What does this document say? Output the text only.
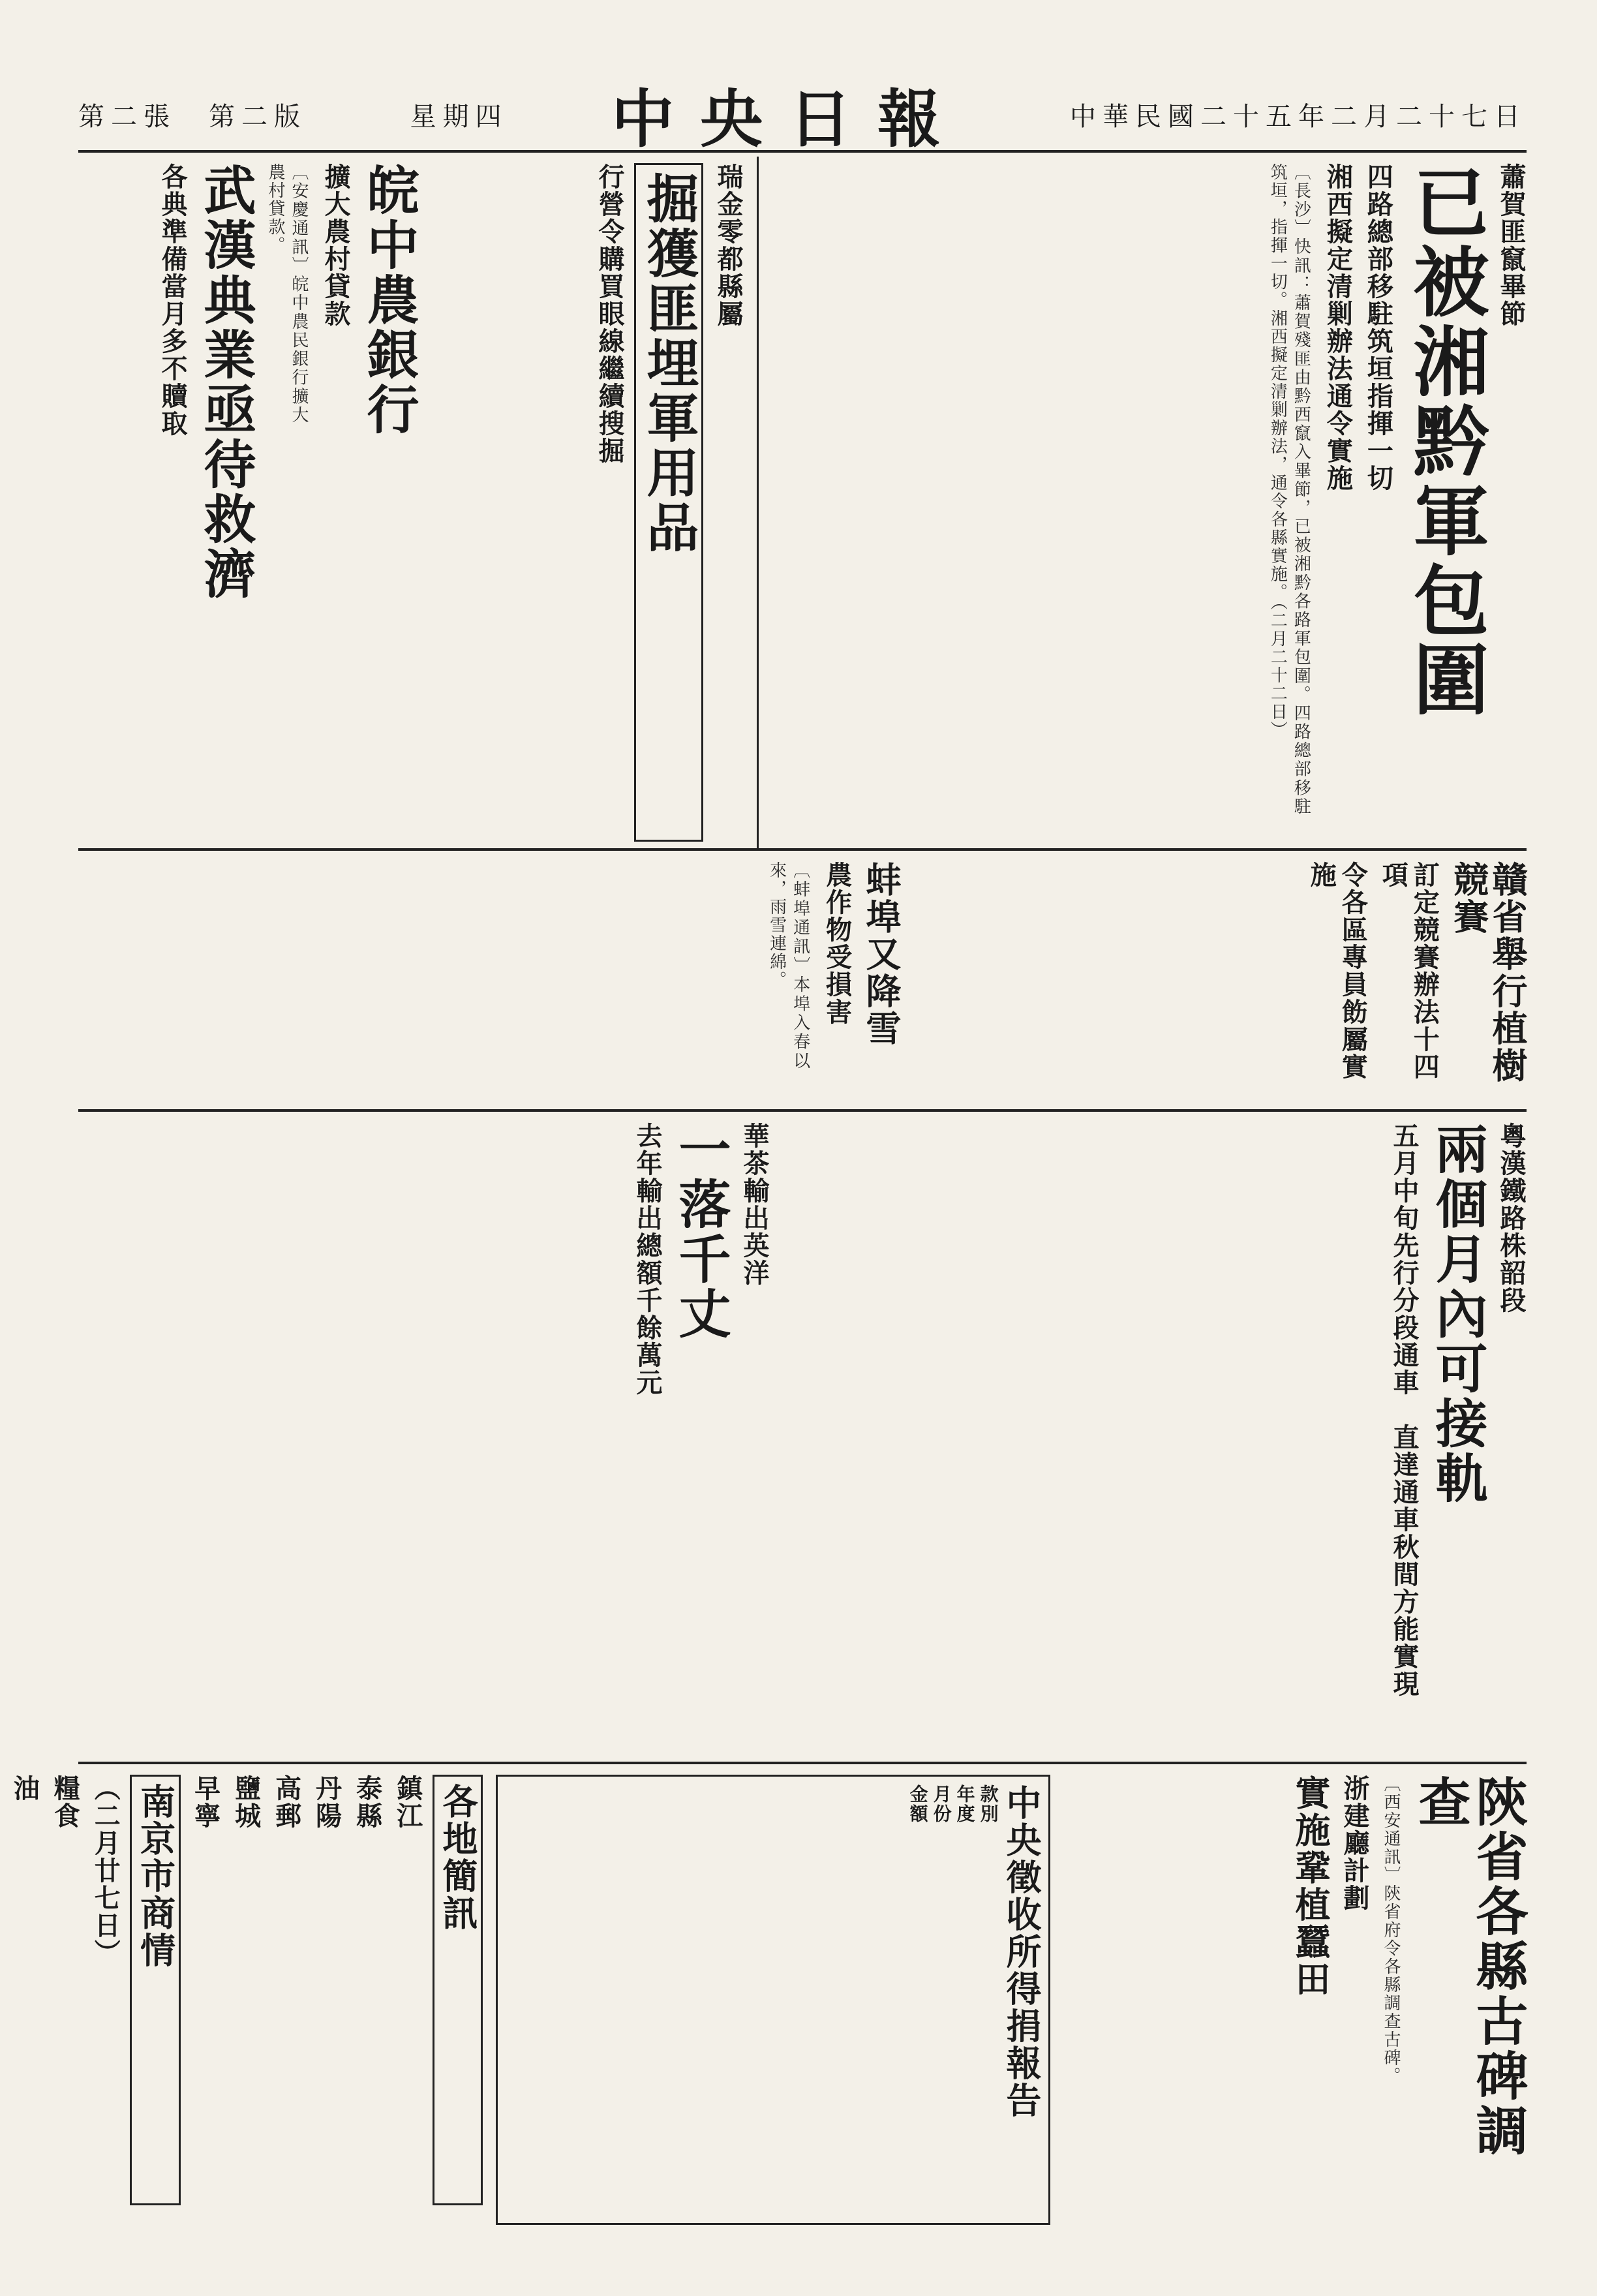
第二張　第二版	星期四 中央日報	中華民國二十五年二月二十七日
蕭賀匪竄畢節
已被湘黔軍包圍
四路總部移駐筑垣指揮一切
湘西擬定清剿辦法通令實施
〔長沙〕快訊：蕭賀殘匪由黔西竄入畢節，已被湘黔各路軍包圍。四路總部移駐筑垣，指揮一切。湘西擬定清剿辦法，通令各縣實施。（二月二十二日）
瑞金零都縣屬
掘獲匪埋軍用品
行營令購買眼線繼續搜掘
皖中農銀行
擴大農村貸款
〔安慶通訊〕皖中農民銀行擴大農村貸款。
武漢典業亟待救濟
各典準備當月多不贖取
贛省舉行植樹競賽
訂定競賽辦法十四項
令各區專員飭屬實施
蚌埠又降雪
農作物受損害
〔蚌埠通訊〕本埠入春以來，雨雪連綿。
粵漢鐵路株韶段
兩個月內可接軌
五月中旬先行分段通車　直達通車秋間方能實現
華茶輸出英洋
一落千丈
去年輸出總額千餘萬元
陝省各縣古碑調查
〔西安通訊〕陝省府令各縣調查古碑。
浙建廳計劃
實施鞏植蠶田
中央徵收所得捐報告
款別
年度
月份
金額
各地簡訊
鎮江
泰縣
丹陽
高郵
鹽城
早寧
南京市商情
（二月廿七日）
糧食
油
